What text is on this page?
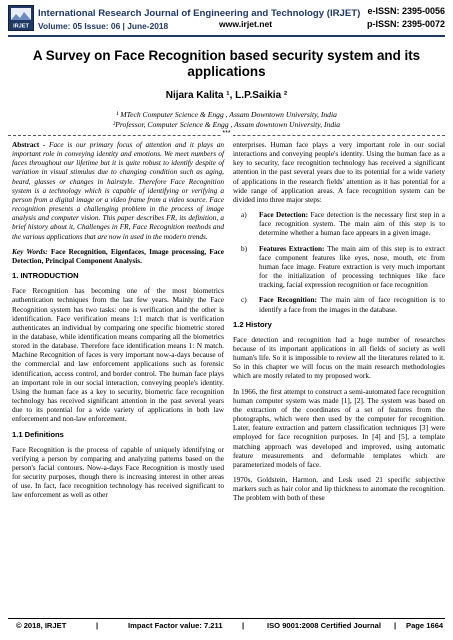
IRJET
International Research Journal of Engineering and Technology (IRJET) e-ISSN: 2395-0056
Volume: 05 Issue: 06 | June-2018	www.irjet.net	p-ISSN: 2395-0072
A Survey on Face Recognition based security system and its applications
Nijara Kalita ¹, L.P.Saikia ²
¹ MTech Computer Science & Engg , Assam Downtown University, India
²Professor, Computer Science & Engg , Assam downtown University, India
***

Abstract - Face is our primary focus of attention and it plays an important role in conveying identity and emotions. We meet numbers of faces throughout our lifetime but it is quite robust to identify despite of variation in visual stimulus due to changing condition such as aging, beard, glasses or changes in hairstyle. Therefore Face Recognition system is a technology which is capable of identifying or verifying a person from a digital image or a video frame from a video source. Face recognition presents a challenging problem in the process of image analysis and computer vision. This paper describes FR, its definition, a brief history about it, Challenges in FR, Face Recognition methods and the various applications that are now in used in the modern trends.

Key Words: Face Recognition, Eigenfaces, Image processing, Face Detection, Principal Component Analysis.

1. INTRODUCTION

Face Recognition has becoming one of the most biometrics authentication techniques from the last few years. Mainly the Face Recognition system has two tasks: one is verification and the other is identification. Face verification means 1:1 match that is verification authenticates an individual by comparing one specific biometric stored in the database, while identification means comparing all the biometrics stored in the database. Therefore face identification means 1: N match. Machine Recognition of faces is very important now-a-days because of the commercial and law enforcement applications such as forensic identification, access control, and border control. The human face plays an important role in our social interaction, conveying people's identity. Using the human face as a key to security, biometric face recognition technology has received significant attention in the past several years due to its potential for a wide variety of applications in both law enforcement and non-law enforcement.

1.1 Definitions

Face Recognition is the process of capable of uniquely identifying or verifying a person by comparing and analyzing patterns based on the person's facial contours. Now-a-days Face Recognition is mostly used for security purposes, though there is increasing interest in other areas of use. In fact, face recognition technology has received significant to law enforcement as well as other

enterprises. Human face plays a very important role in our social interactions and conveying people's identity. Using the human face as a key to security, face recognition technology has received a significant attention in the past several years due to its potential for a wide variety of applications in the research fields' attention as it has potential for a wide range of application areas. A face recognition system can be divided into three major steps:

a) Face Detection: Face detection is the necessary first step in a face recognition system. The main aim of this step is to determine whether a human face appears in a given image.
b) Features Extraction: The main aim of this step is to extract face component features like eyes, nose, mouth, etc from human face image. Feature extraction is very much important for the initialization of processing techniques like face tracking, facial expression recognition or face recognition
c) Face Recognition: The main aim of face recognition is to identify a face from the images in the database.
1.2 History

Face detection and recognition had a huge number of researches because of its important applications in all fields of society as well human's life. So it is impossible to review all the literatures related to it. So in this chapter we will focus on the main research methodologies which are mostly related to my proposed work.

In 1966, the first attempt to construct a semi-automated face recognition human computer system was made [1], [2]. The system was based on the extraction of the coordinates of a set of features from the photographs, which were then used by the computer for recognition. Later, feature extraction and pattern classification techniques [3] were employed for face recognition purposes. In [4] and [5], a template matching approach was developed and improved, using automatic feature measurements and deformable templates which are parameterized models of face.

1970s, Goldstein, Harmon, and Lesk used 21 specific subjective markers such as hair color and lip thickness to automate the recognition. The problem with both of these

© 2018, IRJET	|	Impact Factor value: 7.211	|	ISO 9001:2008 Certified Journal | Page 1664
